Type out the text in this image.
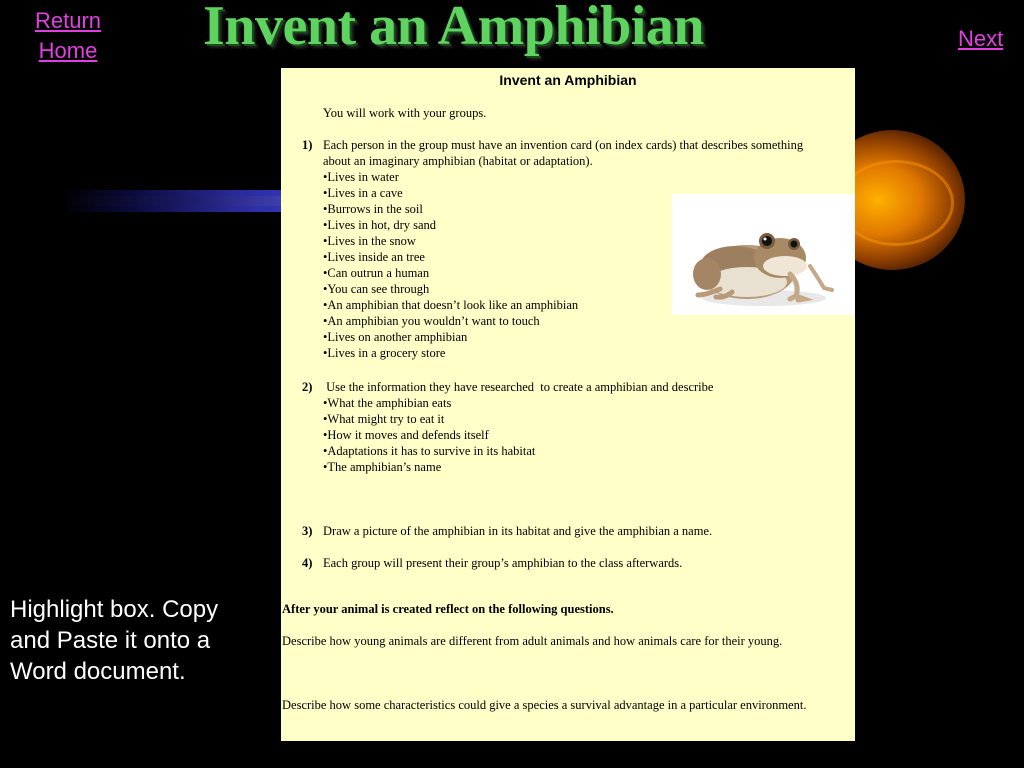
Invent an Amphibian
Return Home	Next
Highlight box. Copy and Paste it onto a Word document.
Invent an Amphibian
You will work with your groups.
1) Each person in the group must have an invention card (on index cards) that describes something about an imaginary amphibian (habitat or adaptation).
• Lives in water
• Lives in a cave
• Burrows in the soil
• Lives in hot, dry sand
• Lives in the snow
• Lives inside an tree
• Can outrun a human
• You can see through
• An amphibian that doesn’t look like an amphibian
• An amphibian you wouldn’t want to touch
• Lives on another amphibian
• Lives in a grocery store
2) Use the information they have researched  to create a amphibian and describe
• What the amphibian eats
• What might try to eat it
• How it moves and defends itself
• Adaptations it has to survive in its habitat
• The amphibian’s name
3) Draw a picture of the amphibian in its habitat and give the amphibian a name.
4) Each group will present their group’s amphibian to the class afterwards.
After your animal is created reflect on the following questions.
Describe how young animals are different from adult animals and how animals care for their young.
Describe how some characteristics could give a species a survival advantage in a particular environment.
